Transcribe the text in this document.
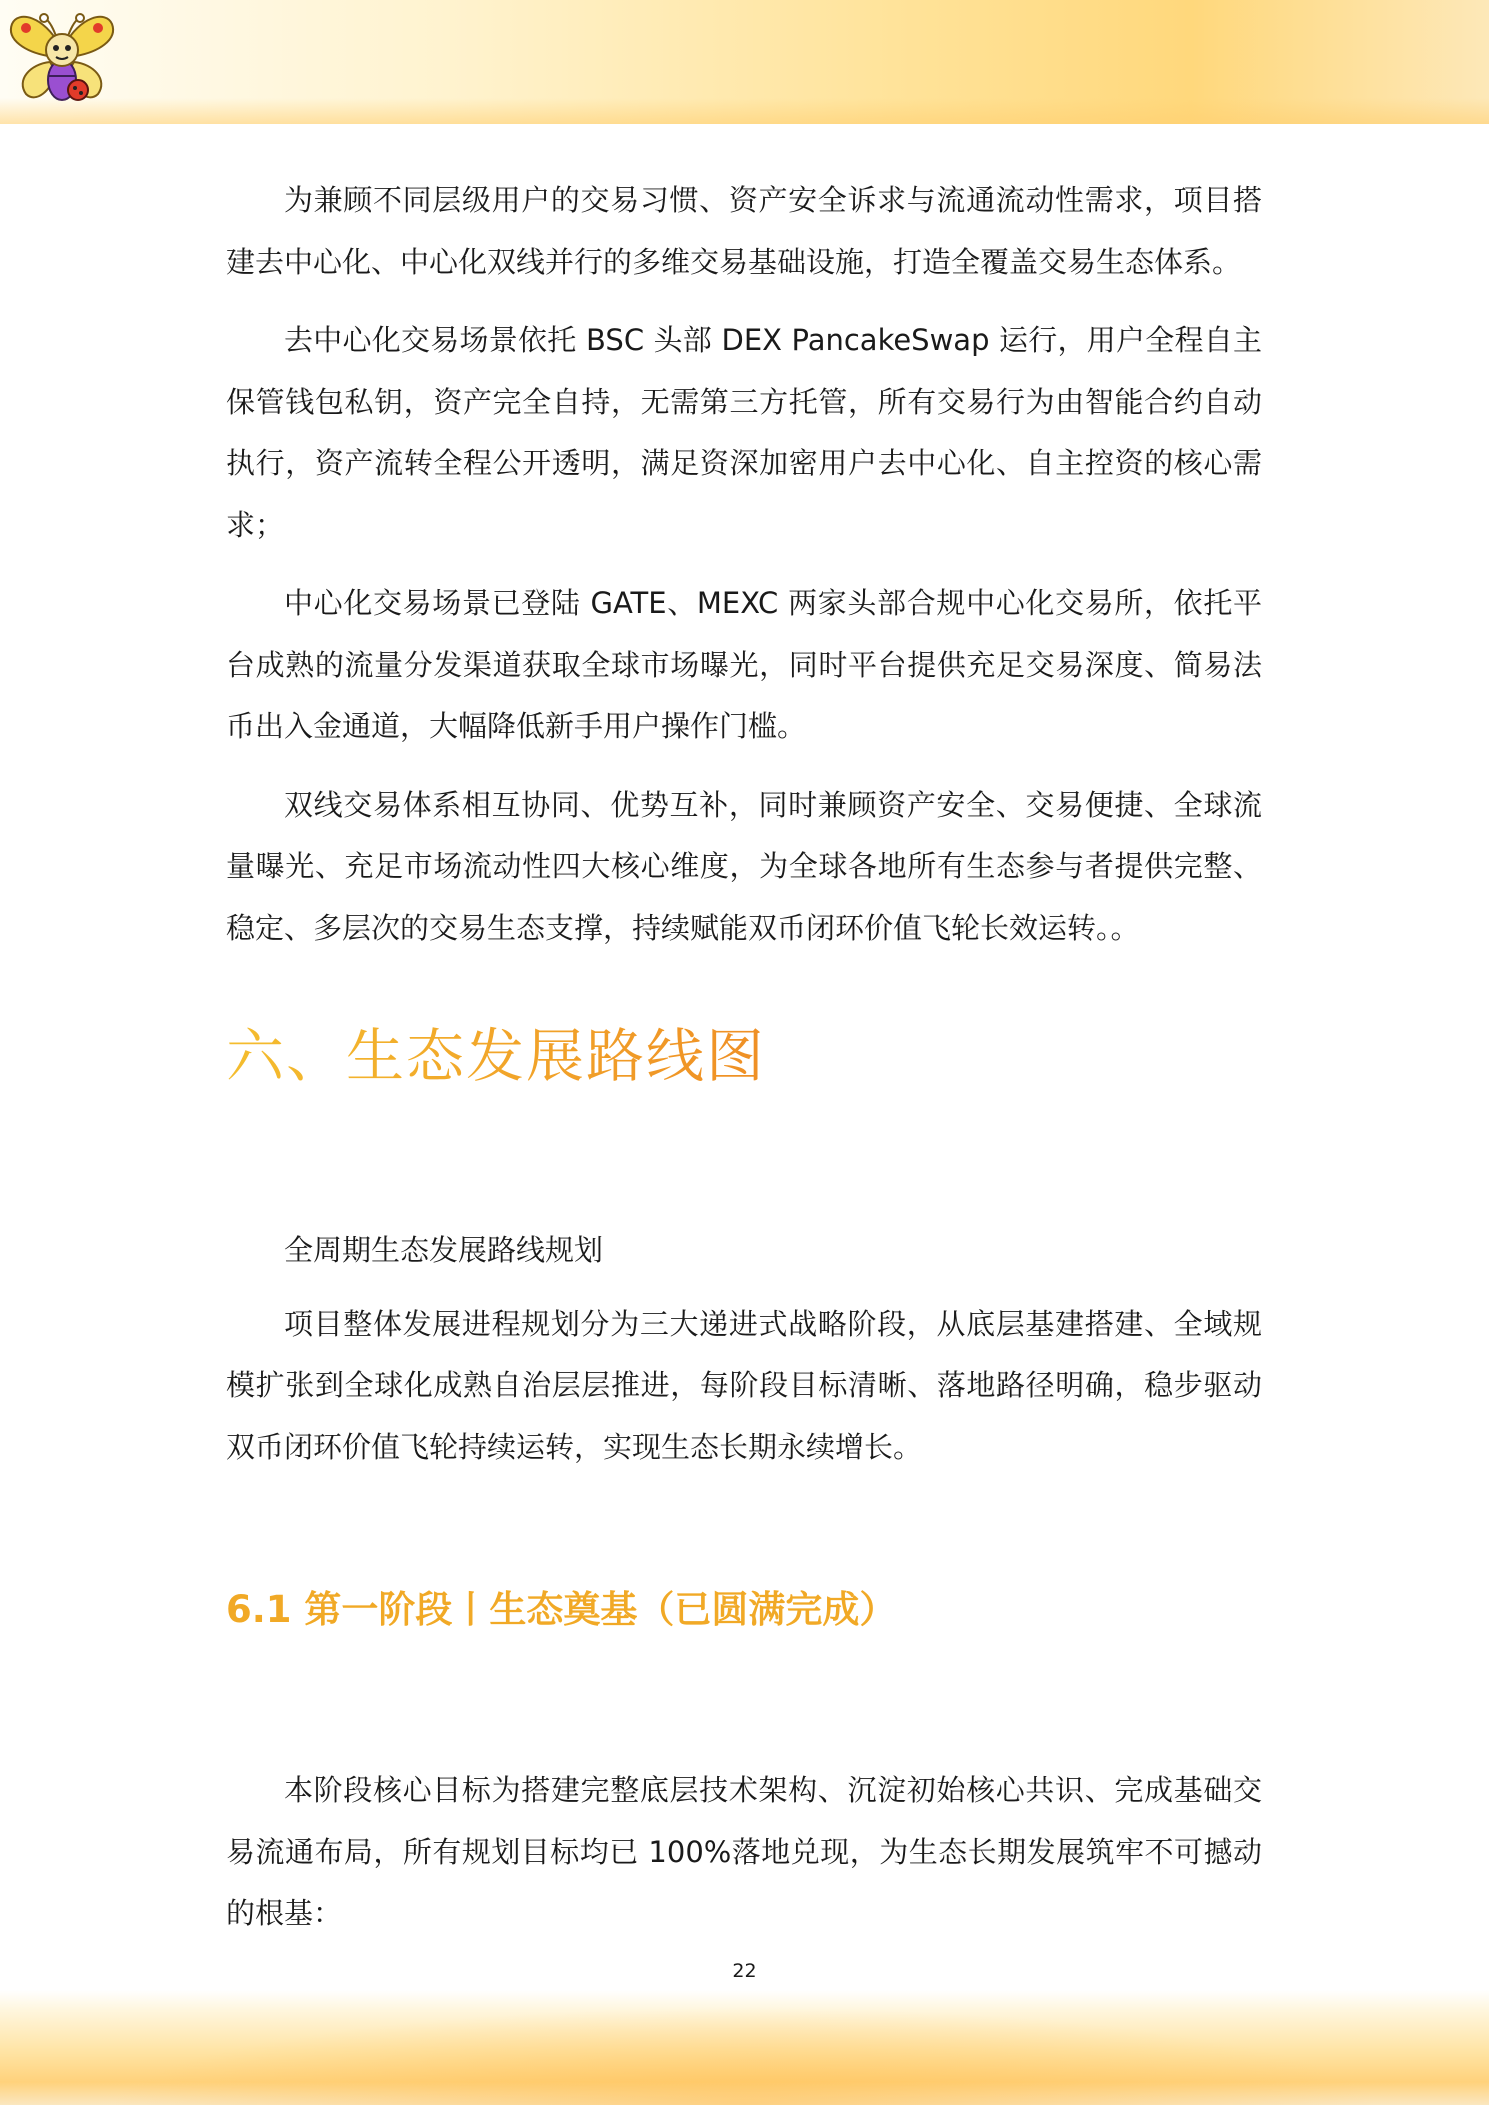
为兼顾不同层级用户的交易习惯、资产安全诉求与流通流动性需求，项目搭建去中心化、中心化双线并行的多维交易基础设施，打造全覆盖交易生态体系。

去中心化交易场景依托 BSC 头部 DEX PancakeSwap 运行，用户全程自主保管钱包私钥，资产完全自持，无需第三方托管，所有交易行为由智能合约自动执行，资产流转全程公开透明，满足资深加密用户去中心化、自主控资的核心需求；

中心化交易场景已登陆 GATE、MEXC 两家头部合规中心化交易所，依托平台成熟的流量分发渠道获取全球市场曝光，同时平台提供充足交易深度、简易法币出入金通道，大幅降低新手用户操作门槛。

双线交易体系相互协同、优势互补，同时兼顾资产安全、交易便捷、全球流量曝光、充足市场流动性四大核心维度，为全球各地所有生态参与者提供完整、稳定、多层次的交易生态支撑，持续赋能双币闭环价值飞轮长效运转。。

六、生态发展路线图

全周期生态发展路线规划

项目整体发展进程规划分为三大递进式战略阶段，从底层基建搭建、全域规模扩张到全球化成熟自治层层推进，每阶段目标清晰、落地路径明确，稳步驱动双币闭环价值飞轮持续运转，实现生态长期永续增长。

6.1 第一阶段丨生态奠基（已圆满完成）

本阶段核心目标为搭建完整底层技术架构、沉淀初始核心共识、完成基础交易流通布局，所有规划目标均已 100%落地兑现，为生态长期发展筑牢不可撼动的根基：

22
